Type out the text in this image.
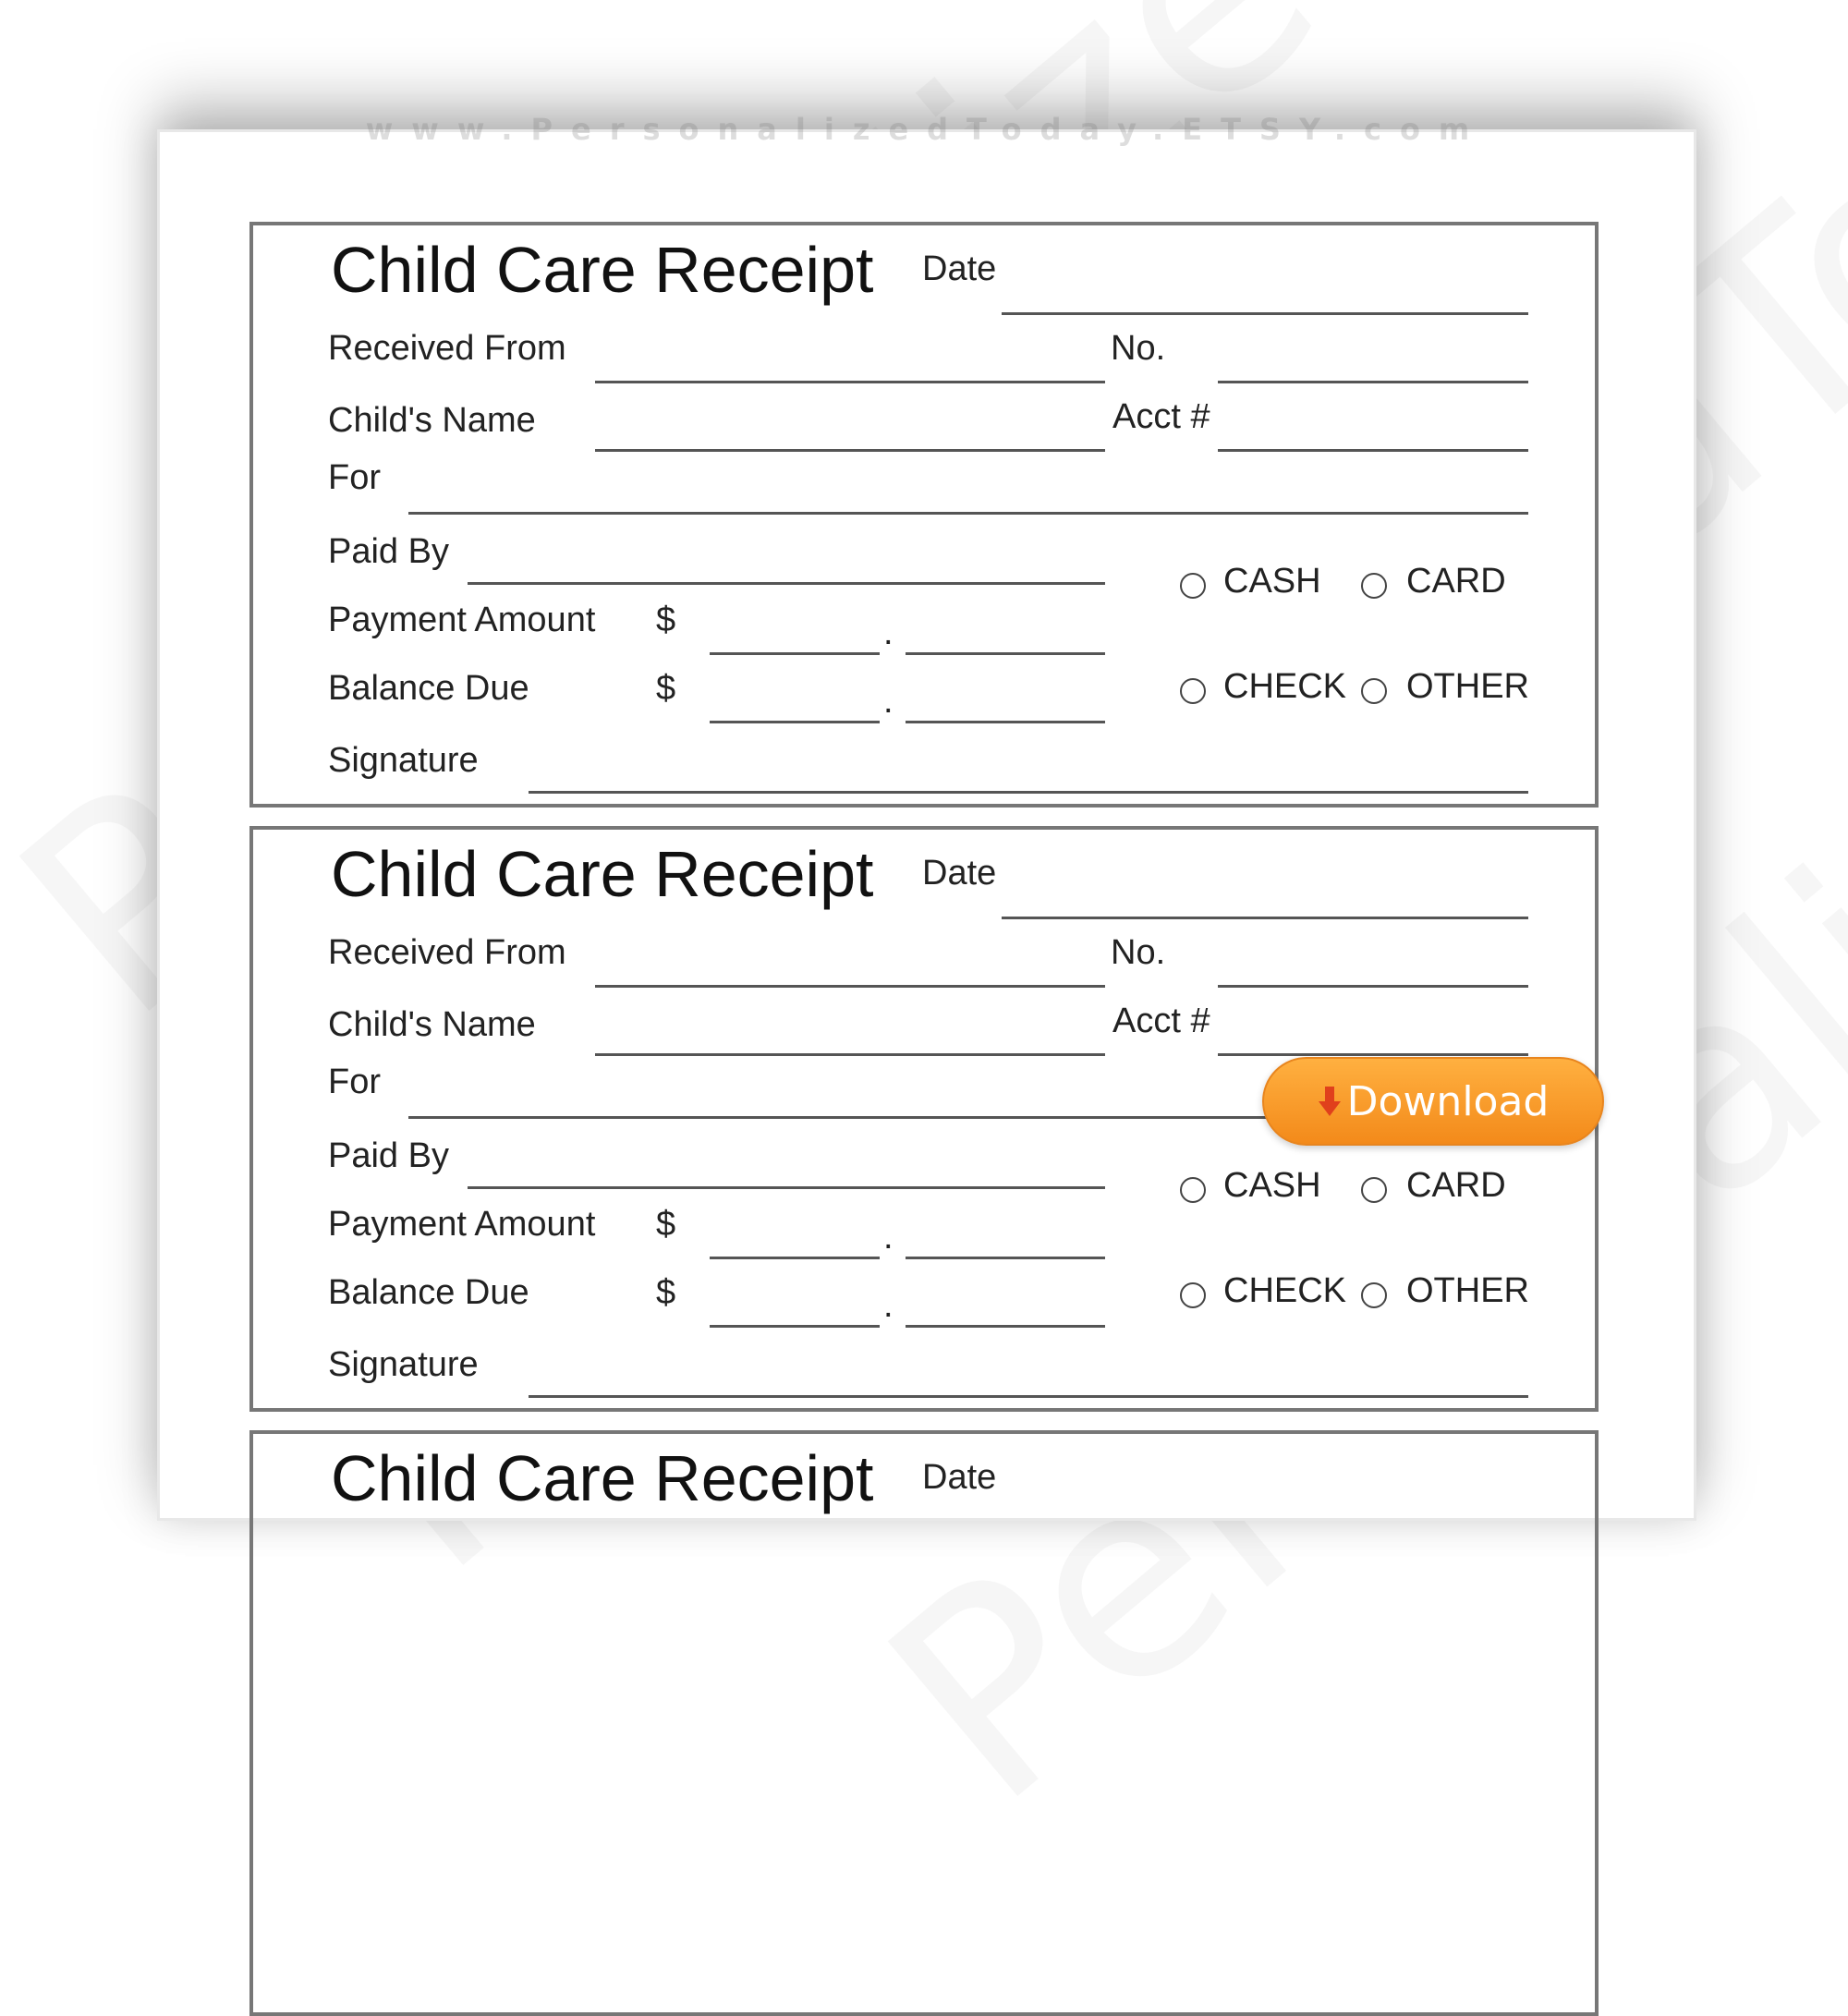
www.PersonalizedToday.ETSY.com
Child Care Receipt Date
Received From	No.
Child's Name	Acct #
For
Paid By
Payment Amount $	.
Balance Due	$	.
Signature
CASH CARD
CHECK OTHER
Child Care Receipt Date
Received From	No.
Child's Name	Acct #
For
Paid By
Payment Amount $	.
Balance Due	$	.
Signature
CASH CARD
CHECK OTHER
Child Care Receipt Date
Download
